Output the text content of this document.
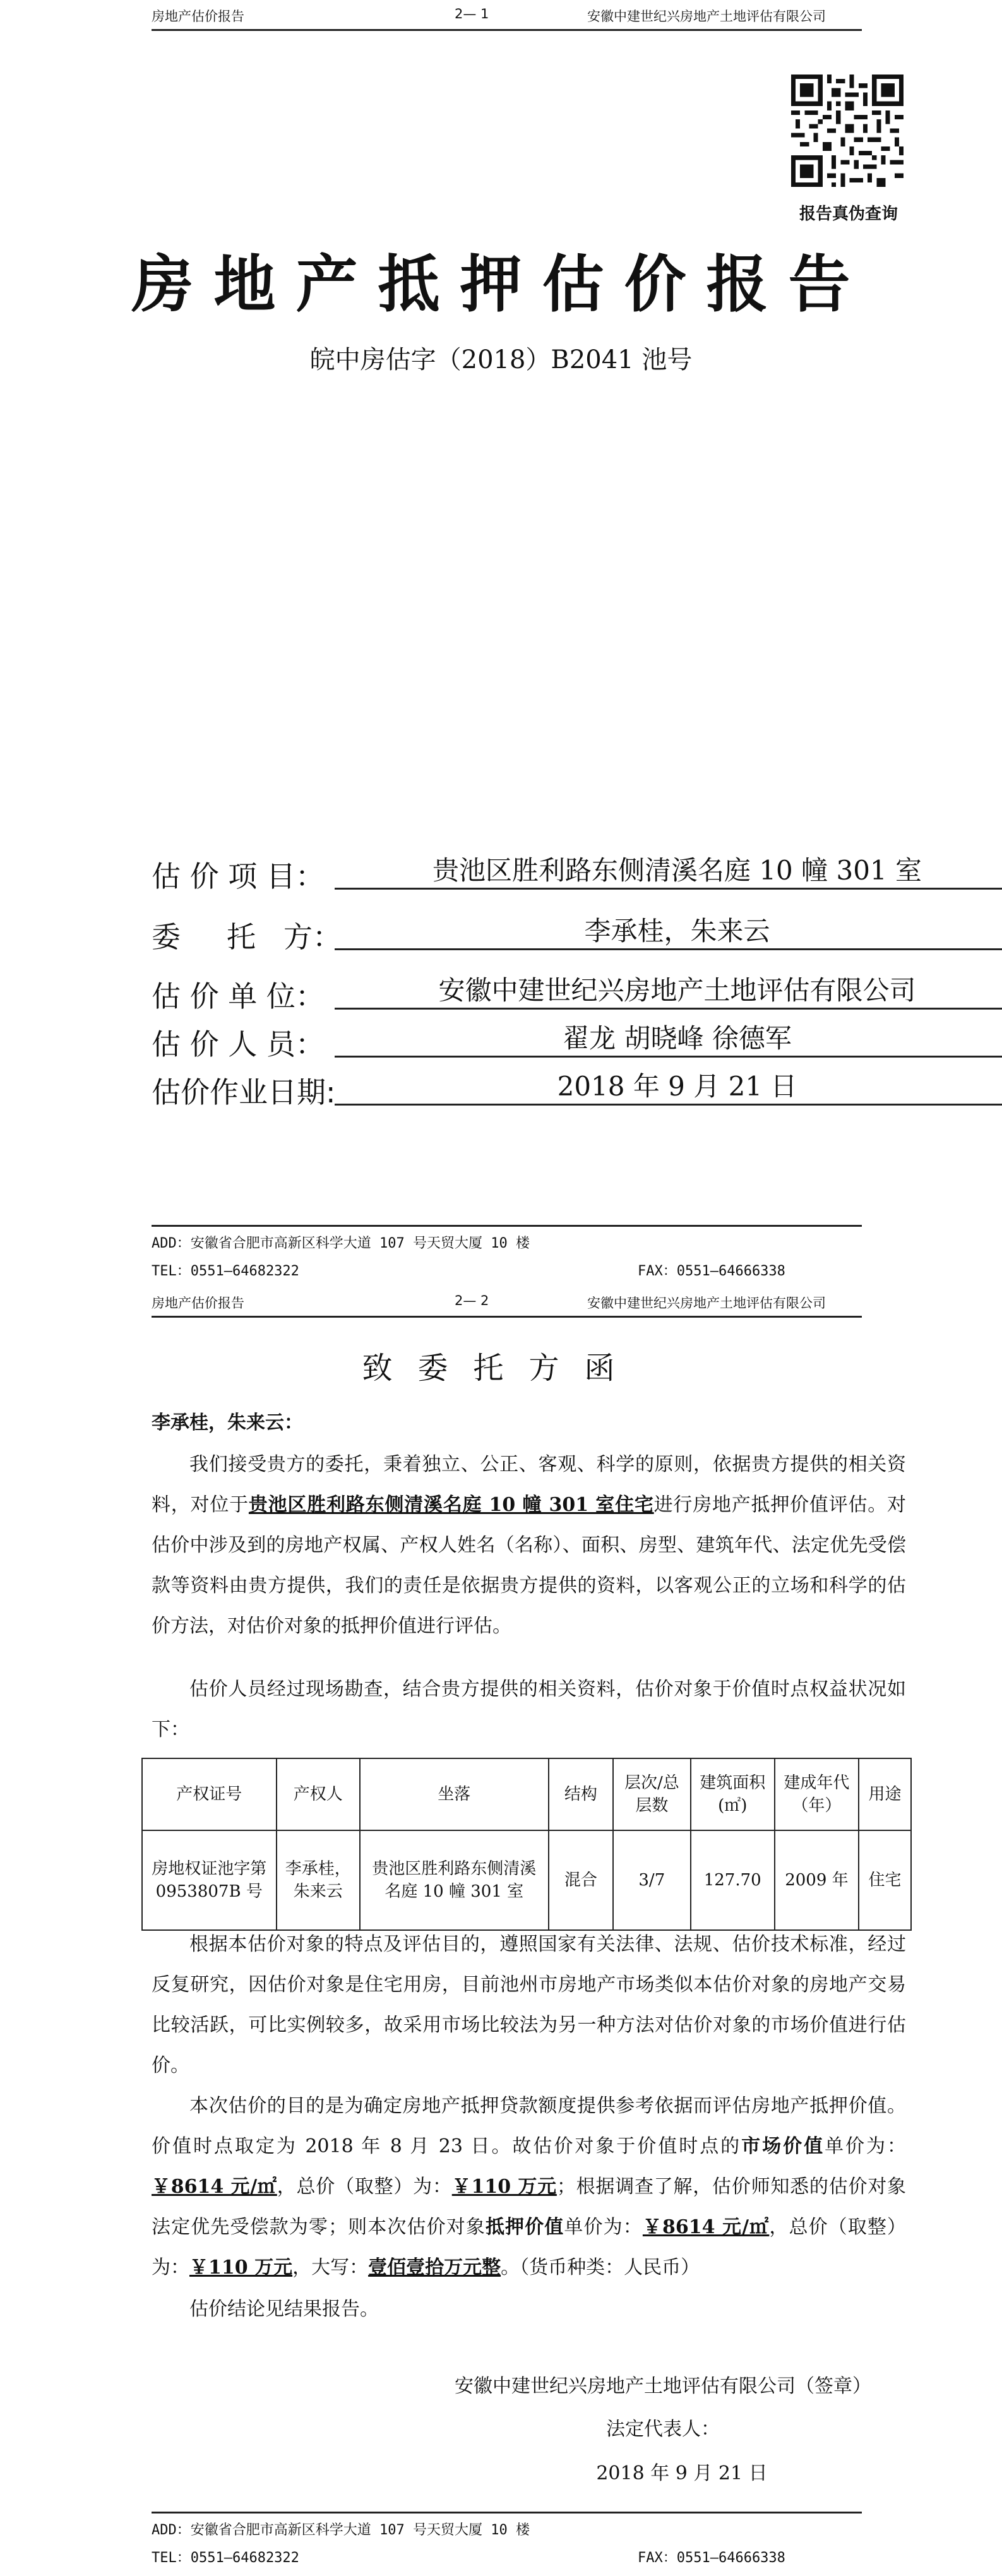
房地产估价报告	2— 1	安徽中建世纪兴房地产土地评估有限公司
报告真伪查询
房地产抵押估价报告
皖中房估字（2018）B2041 池号
估 价 项 目：	贵池区胜利路东侧清溪名庭 10 幢 301 室
委     托   方：	李承桂，朱来云
估 价 单 位：	安徽中建世纪兴房地产土地评估有限公司
估 价 人 员：	翟龙 胡晓峰 徐德军
估价作业日期:	2018 年 9 月 21 日
ADD：安徽省合肥市高新区科学大道 107 号天贸大厦 10 楼
TEL：0551—64682322	FAX：0551—64666338
房地产估价报告	2— 2	安徽中建世纪兴房地产土地评估有限公司
致委托方函
李承桂，朱来云：
我们接受贵方的委托，秉着独立、公正、客观、科学的原则，依据贵方提供的相关资料，对位于贵池区胜利路东侧清溪名庭 10 幢 301 室住宅进行房地产抵押价值评估。对估价中涉及到的房地产权属、产权人姓名（名称）、面积、房型、建筑年代、法定优先受偿款等资料由贵方提供，我们的责任是依据贵方提供的资料，以客观公正的立场和科学的估价方法，对估价对象的抵押价值进行评估。
估价人员经过现场勘查，结合贵方提供的相关资料，估价对象于价值时点权益状况如下：
产权证号	产权人	坐落	结构	层次/总层数	建筑面积(㎡)	建成年代（年）	用途
房地权证池字第 0953807B 号	李承桂，朱来云	贵池区胜利路东侧清溪名庭 10 幢 301 室	混合	3/7	127.70	2009 年	住宅
根据本估价对象的特点及评估目的，遵照国家有关法律、法规、估价技术标准，经过反复研究，因估价对象是住宅用房，目前池州市房地产市场类似本估价对象的房地产交易比较活跃，可比实例较多，故采用市场比较法为另一种方法对估价对象的市场价值进行估价。
本次估价的目的是为确定房地产抵押贷款额度提供参考依据而评估房地产抵押价值。价值时点取定为 2018 年 8 月 23 日。故估价对象于价值时点的市场价值单价为：￥8614 元/㎡，总价（取整）为：￥110 万元；根据调查了解，估价师知悉的估价对象法定优先受偿款为零；则本次估价对象抵押价值单价为：￥8614 元/㎡，总价（取整）为：￥110 万元，大写：壹佰壹拾万元整。（货币种类：人民币）
估价结论见结果报告。
安徽中建世纪兴房地产土地评估有限公司（签章）
法定代表人：
2018 年 9 月 21 日
ADD：安徽省合肥市高新区科学大道 107 号天贸大厦 10 楼
TEL：0551—64682322	FAX：0551—64666338
